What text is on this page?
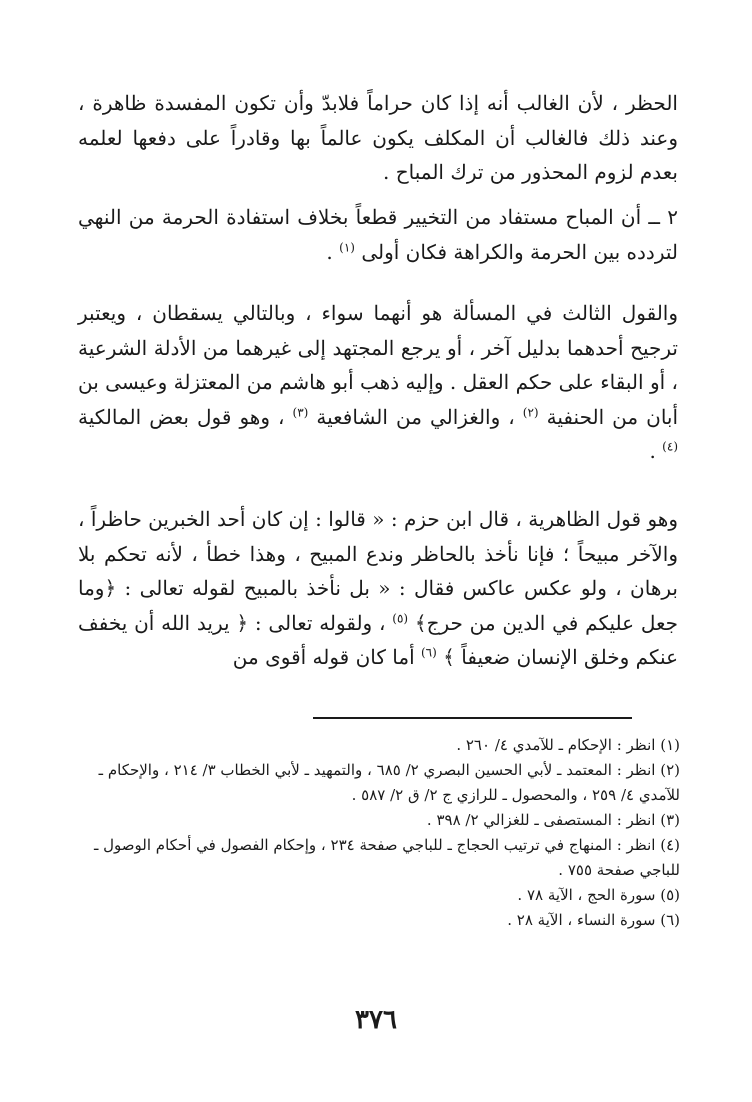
الحظر ، لأن الغالب أنه إذا كان حراماً فلابدّ وأن تكون المفسدة ظاهرة ، وعند ذلك فالغالب أن المكلف يكون عالماً بها وقادراً على دفعها لعلمه بعدم لزوم المحذور من ترك المباح .

٢ ــ أن المباح مستفاد من التخيير قطعاً بخلاف استفادة الحرمة من النهي لتردده بين الحرمة والكراهة فكان أولى $^{(١)}$ .

والقول الثالث في المسألة هو أنهما سواء ، وبالتالي يسقطان ، ويعتبر ترجيح أحدهما بدليل آخر ، أو يرجع المجتهد إلى غيرهما من الأدلة الشرعية ، أو البقاء على حكم العقل . وإليه ذهب أبو هاشم من المعتزلة وعيسى بن أبان من الحنفية $^{(٢)}$ ، والغزالي من الشافعية $^{(٣)}$ ، وهو قول بعض المالكية $^{(٤)}$ .

وهو قول الظاهرية ، قال ابن حزم : « قالوا : إن كان أحد الخبرين حاظراً ، والآخر مبيحاً ؛ فإنا نأخذ بالحاظر وندع المبيح ، وهذا خطأ ، لأنه تحكم بلا برهان ، ولو عكس عاكس فقال : « بل نأخذ بالمبيح لقوله تعالى : ﴿وما جعل عليكم في الدين من حرج﴾ $^{(٥)}$ ، ولقوله تعالى : ﴿ يريد الله أن يخفف عنكم وخلق الإنسان ضعيفاً ﴾ $^{(٦)}$ أما كان قوله أقوى من

(١) انظر : الإحكام ـ للآمدي ٤/ ٢٦٠ .

(٢) انظر : المعتمد ـ لأبي الحسين البصري ٢/ ٦٨٥ ، والتمهيد ـ لأبي الخطاب ٣/ ٢١٤ ، والإحكام ـ للآمدي ٤/ ٢٥٩ ، والمحصول ـ للرازي ج ٢/ ق ٢/ ٥٨٧ .

(٣) انظر : المستصفى ـ للغزالي ٢/ ٣٩٨ .

(٤) انظر : المنهاج في ترتيب الحجاج ـ للباجي صفحة ٢٣٤ ، وإحكام الفصول في أحكام الوصول ـ للباجي صفحة ٧٥٥ .

(٥) سورة الحج ، الآية ٧٨ .

(٦) سورة النساء ، الآية ٢٨ .

٣٧٦
